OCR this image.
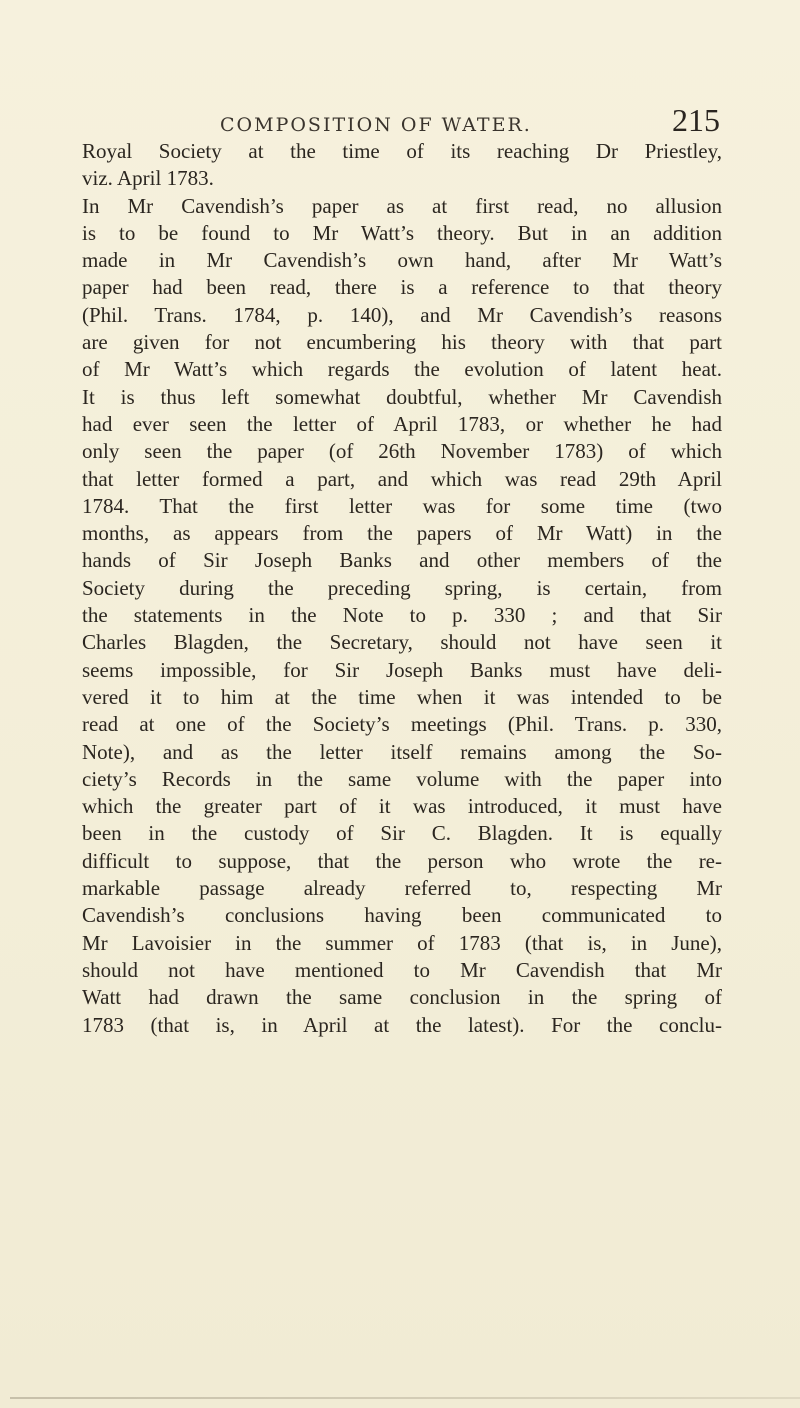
COMPOSITION OF WATER.	215
Royal Society at the time of its reaching Dr Priestley,
viz. April 1783.
In Mr Cavendish’s paper as at first read, no allusion
is to be found to Mr Watt’s theory. But in an addition
made in Mr Cavendish’s own hand, after Mr Watt’s
paper had been read, there is a reference to that theory
(Phil. Trans. 1784, p. 140), and Mr Cavendish’s reasons
are given for not encumbering his theory with that part
of Mr Watt’s which regards the evolution of latent heat.
It is thus left somewhat doubtful, whether Mr Cavendish
had ever seen the letter of April 1783, or whether he had
only seen the paper (of 26th November 1783) of which
that letter formed a part, and which was read 29th April
1784. That the first letter was for some time (two
months, as appears from the papers of Mr Watt) in the
hands of Sir Joseph Banks and other members of the
Society during the preceding spring, is certain, from
the statements in the Note to p. 330 ; and that Sir
Charles Blagden, the Secretary, should not have seen it
seems impossible, for Sir Joseph Banks must have deli-
vered it to him at the time when it was intended to be
read at one of the Society’s meetings (Phil. Trans. p. 330,
Note), and as the letter itself remains among the So-
ciety’s Records in the same volume with the paper into
which the greater part of it was introduced, it must have
been in the custody of Sir C. Blagden. It is equally
difficult to suppose, that the person who wrote the re-
markable passage already referred to, respecting Mr
Cavendish’s conclusions having been communicated to
Mr Lavoisier in the summer of 1783 (that is, in June),
should not have mentioned to Mr Cavendish that Mr
Watt had drawn the same conclusion in the spring of
1783 (that is, in April at the latest). For the conclu-
